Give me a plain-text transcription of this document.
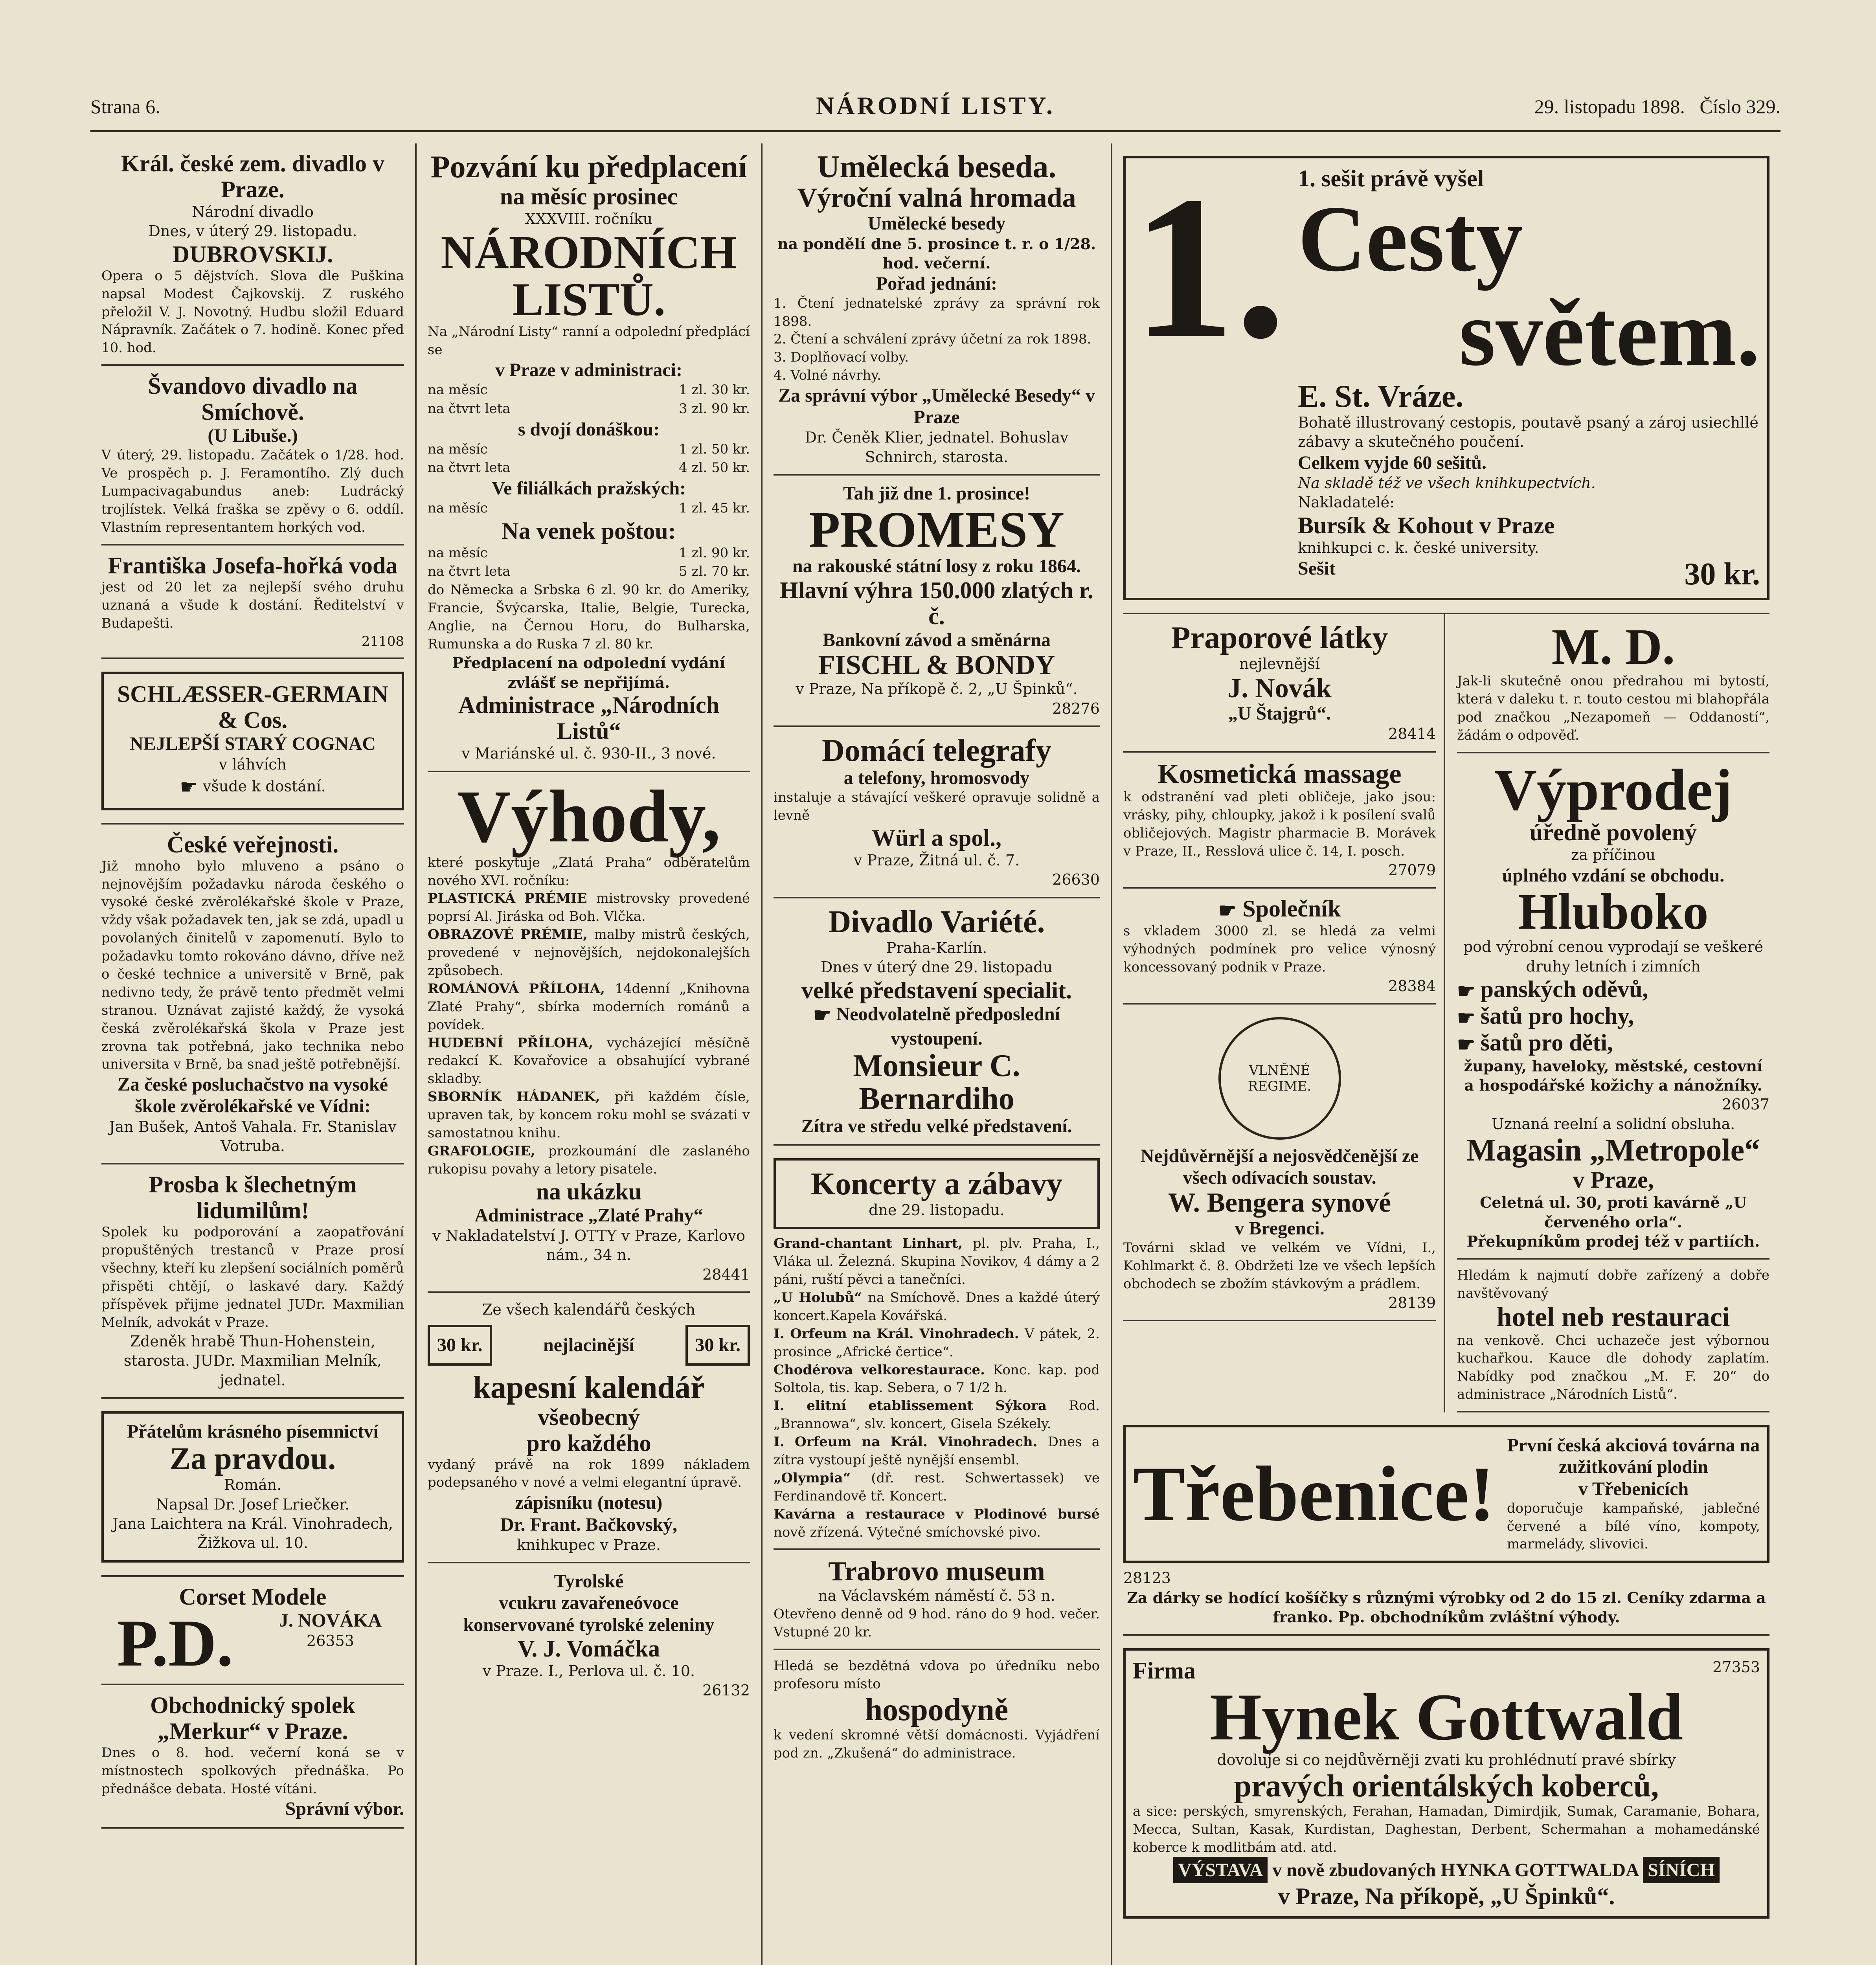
Strana 6.	NÁRODNÍ LISTY.	29. listopadu 1898. Číslo 329.
Král. české zem. divadlo v Praze.
Národní divadlo
Dnes, v úterý 29. listopadu.
DUBROVSKIJ.
Opera o 5 dějstvích. Slova dle Puškina napsal Modest Čajkovskij. Z ruského přeložil V. J. Novotný. Hudbu složil Eduard Nápravník. Začátek o 7. hodině. Konec před 10. hod.
Švandovo divadlo na Smíchově.
(U Libuše.)
V úterý, 29. listopadu. Začátek o 1/28. hod. Ve prospěch p. J. Feramontího. Zlý duch Lumpacivagabundus aneb: Ludrácký trojlístek. Velká fraška se zpěvy o 6. oddíl. Vlastním representantem horkých vod.
Františka Josefa-hořká voda
jest od 20 let za nejlepší svého druhu uznaná a všude k dostání. Ředitelství v Budapešti.
21108
SCHLÆSSER-GERMAIN & Cos.
NEJLEPŠÍ STARÝ COGNAC
v láhvích
☛ všude k dostání.
České veřejnosti.
Již mnoho bylo mluveno a psáno o nejnovějším požadavku národa českého o vysoké české zvěrolékařské škole v Praze, vždy však požadavek ten, jak se zdá, upadl u povolaných činitelů v zapomenutí. Bylo to požadavku tomto rokováno dávno, dříve než o české technice a universitě v Brně, pak nedivno tedy, že právě tento předmět velmi stranou. Uznávat zajisté každý, že vysoká česká zvěrolékařská škola v Praze jest zrovna tak potřebná, jako technika nebo universita v Brně, ba snad ještě potřebnější.
Za české posluchačstvo na vysoké škole zvěrolékařské ve Vídni:
Jan Bušek, Antoš Vahala. Fr. Stanislav Votruba.
Prosba k šlechetným lidumilům!
Spolek ku podporování a zaopatřování propuštěných trestanců v Praze prosí všechny, kteří ku zlepšení sociálních poměrů přispěti chtějí, o laskavé dary. Každý příspěvek přijme jednatel JUDr. Maxmilian Melník, advokát v Praze.
Zdeněk hrabě Thun-Hohenstein, starosta. JUDr. Maxmilian Melník, jednatel.
Přátelům krásného písemnictví
Za pravdou.
Román.
Napsal Dr. Josef Lriečker.
Jana Laichtera na Král. Vinohradech, Žižkova ul. 10.
Corset Modele
P.D.	J. NOVÁKA
26353
Obchodnický spolek „Merkur“ v Praze.
Dnes o 8. hod. večerní koná se v místnostech spolkových přednáška. Po přednášce debata. Hosté vítáni.
Správní výbor.
Pozvání ku předplacení
na měsíc prosinec
XXXVIII. ročníku
NÁRODNÍCH LISTŮ.
Na „Národní Listy“ ranní a odpolední předplácí se
v Praze v administraci:
na měsíc	1 zl. 30 kr.
na čtvrt leta	3 zl. 90 kr.
s dvojí donáškou:
na měsíc	1 zl. 50 kr.
na čtvrt leta	4 zl. 50 kr.
Ve filiálkách pražských:
na měsíc	1 zl. 45 kr.
Na venek poštou:
na měsíc	1 zl. 90 kr.
na čtvrt leta	5 zl. 70 kr.
do Německa a Srbska 6 zl. 90 kr. do Ameriky, Francie, Švýcarska, Italie, Belgie, Turecka, Anglie, na Černou Horu, do Bulharska, Rumunska a do Ruska 7 zl. 80 kr.
Předplacení na odpolední vydání zvlášť se nepřijímá.
Administrace „Národních Listů“
v Mariánské ul. č. 930-II., 3 nové.
Výhody,
které poskytuje „Zlatá Praha“ odběratelům nového XVI. ročníku:
PLASTICKÁ PRÉMIE mistrovsky provedené poprsí Al. Jiráska od Boh. Vlčka.
OBRAZOVÉ PRÉMIE, malby mistrů českých, provedené v nejnovějších, nejdokonalejších způsobech.
ROMÁNOVÁ PŘÍLOHA, 14denní „Knihovna Zlaté Prahy“, sbírka moderních románů a povídek.
HUDEBNÍ PŘÍLOHA, vycházející měsíčně redakcí K. Kovařovice a obsahující vybrané skladby.
SBORNÍK HÁDANEK, při každém čísle, upraven tak, by koncem roku mohl se svázati v samostatnou knihu.
GRAFOLOGIE, prozkoumání dle zaslaného rukopisu povahy a letory pisatele.
na ukázku
Administrace „Zlaté Prahy“
v Nakladatelství J. OTTY v Praze, Karlovo nám., 34 n.
28441
Ze všech kalendářů českých
30 kr.	nejlacinější	30 kr.
kapesní kalendář
všeobecný
pro každého
vydaný právě na rok 1899 nákladem podepsaného v nové a velmi elegantní úpravě.
zápisníku (notesu)
Dr. Frant. Bačkovský,
knihkupec v Praze.
Tyrolské
vcukru zavařeneóvoce
konservované tyrolské zeleniny
V. J. Vomáčka
v Praze. I., Perlova ul. č. 10.
26132
Umělecká beseda.
Výroční valná hromada
Umělecké besedy
na pondělí dne 5. prosince t. r. o 1/28. hod. večerní.
Pořad jednání:
1. Čtení jednatelské zprávy za správní rok 1898.
2. Čtení a schválení zprávy účetní za rok 1898.
3. Doplňovací volby.
4. Volné návrhy.
Za správní výbor „Umělecké Besedy“ v Praze
Dr. Čeněk Klier, jednatel. Bohuslav Schnirch, starosta.
Tah již dne 1. prosince!
PROMESY
na rakouské státní losy z roku 1864.
Hlavní výhra 150.000 zlatých r. č.
Bankovní závod a směnárna
FISCHL & BONDY
v Praze, Na příkopě č. 2, „U Špinků“.
28276
Domácí telegrafy
a telefony, hromosvody
instaluje a stávající veškeré opravuje solidně a levně
Würl a spol.,
v Praze, Žitná ul. č. 7.
26630
Divadlo Variété.
Praha-Karlín.
Dnes v úterý dne 29. listopadu
velké představení specialit.
☛ Neodvolatelně předposlední vystoupení.
Monsieur C. Bernardiho
Zítra ve středu velké představení.
Koncerty a zábavy
dne 29. listopadu.
Grand-chantant Linhart, pl. plv. Praha, I., Vláka ul. Železná. Skupina Novikov, 4 dámy a 2 páni, ruští pěvci a tanečníci.
„U Holubů“ na Smíchově. Dnes a každé úterý koncert.Kapela Kovářská.
I. Orfeum na Král. Vinohradech. V pátek, 2. prosince „Africké čertice“.
Chodérova velkorestaurace. Konc. kap. pod Soltola, tis. kap. Sebera, o 7 1/2 h.
I. elitní etablissement Sýkora Rod. „Brannowa“, slv. koncert, Gisela Székely.
I. Orfeum na Král. Vinohradech. Dnes a zítra vystoupí ještě nynější ensembl.
„Olympia“ (dř. rest. Schwertassek) ve Ferdinandově tř. Koncert.
Kavárna a restaurace v Plodinové bursé nově zřízená. Výtečné smíchovské pivo.
Trabrovo museum
na Václavském náměstí č. 53 n.
Otevřeno denně od 9 hod. ráno do 9 hod. večer. Vstupné 20 kr.
Hledá se bezdětná vdova po úředníku nebo profesoru místo
hospodyně
k vedení skromné větší domácnosti. Vyjádření pod zn. „Zkušená“ do administrace.
1. 1. sešit právě vyšel
Cesty
světem.
E. St. Vráze.
Bohatě illustrovaný cestopis, poutavě psaný a zároj usiechllé zábavy a skutečného poučení.
Celkem vyjde 60 sešitů.
Na skladě též ve všech knihkupectvích.
Nakladatelé:
Bursík & Kohout v Praze
knihkupci c. k. české university.
Sešit	30 kr.
Praporové látky
nejlevnější
J. Novák
„U Štajgrů“.
28414
Kosmetická massage
k odstranění vad pleti obličeje, jako jsou: vrásky, pihy, chloupky, jakož i k posílení svalů obličejových. Magistr pharmacie B. Morávek v Praze, II., Resslová ulice č. 14, I. posch.
27079
☛ Společník
s vkladem 3000 zl. se hledá za velmi výhodných podmínek pro velice výnosný koncessovaný podnik v Praze.
28384
VLNĚNÉ REGIME.
Nejdůvěrnější a nejosvědčenější ze všech odívacích soustav.
W. Bengera synové
v Bregenci.
Továrni sklad ve velkém ve Vídni, I., Kohlmarkt č. 8. Obdržeti lze ve všech lepších obchodech se zbožím stávkovým a prádlem.
28139
M. D.
Jak-li skutečně onou předrahou mi bytostí, která v daleku t. r. touto cestou mi blahopřála pod značkou „Nezapomeň — Oddaností“, žádám o odpověď.
Výprodej
úředně povolený
za příčinou
úplného vzdání se obchodu.
Hluboko
pod výrobní cenou vyprodají se veškeré druhy letních i zimních
☛ panských oděvů,
☛ šatů pro hochy,
☛ šatů pro děti,
župany, haveloky, městské, cestovní a hospodářské kožichy a nánožníky.
26037
Uznaná reelní a solidní obsluha.
Magasin „Metropole“
v Praze,
Celetná ul. 30, proti kavárně „U červeného orla“.
Překupníkům prodej též v partiích.
Hledám k najmutí dobře zařízený a dobře navštěvovaný
hotel neb restauraci
na venkově. Chci uchazeče jest výbornou kuchařkou. Kauce dle dohody zaplatím. Nabídky pod značkou „M. F. 20“ do administrace „Národních Listů“.
Třebenice!
První česká akciová továrna na zužitkování plodin
v Třebenicích
doporučuje kampaňské, jablečné červené a bílé víno, kompoty, marmelády, slivovici.
28123
Za dárky se hodící košíčky s různými výrobky od 2 do 15 zl. Ceníky zdarma a franko. Pp. obchodníkům zvláštní výhody.
Firma	27353
Hynek Gottwald
dovoluje si co nejdůvěrněji zvati ku prohlédnutí pravé sbírky
pravých orientálských koberců,
a sice: perských, smyrenských, Ferahan, Hamadan, Dimirdjik, Sumak, Caramanie, Bohara, Mecca, Sultan, Kasak, Kurdistan, Daghestan, Derbent, Schermahan a mohamedánské koberce k modlitbám atd. atd.
VÝSTAVA v nově zbudovaných HYNKA GOTTWALDA SÍNÍCH
v Praze, Na příkopě, „U Špinků“.
